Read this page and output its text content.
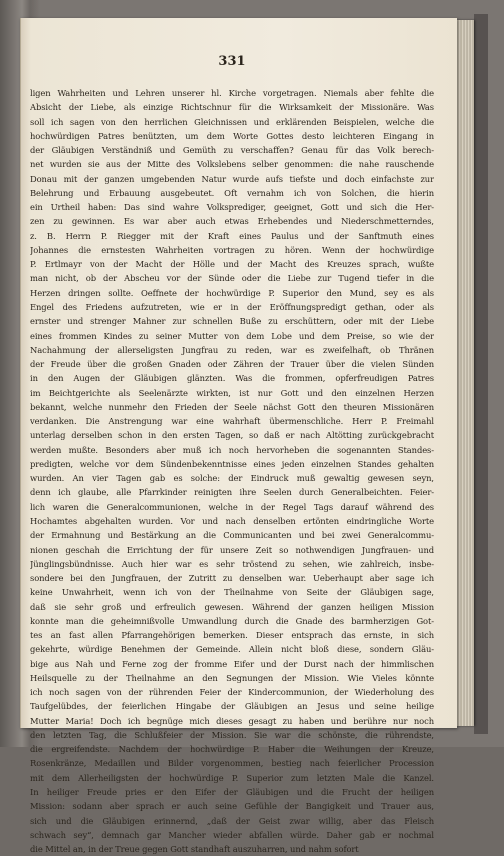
331
ligen Wahrheiten und Lehren unserer hl. Kirche vorgetragen. Niemals aber fehlte die
Absicht der Liebe, als einzige Richtschnur für die Wirksamkeit der Missionäre. Was
soll ich sagen von den herrlichen Gleichnissen und erklärenden Beispielen, welche die
hochwürdigen Patres benützten, um dem Worte Gottes desto leichteren Eingang in
der Gläubigen Verständniß und Gemüth zu verschaffen? Genau für das Volk berech-
net wurden sie aus der Mitte des Volkslebens selber genommen: die nahe rauschende
Donau mit der ganzen umgebenden Natur wurde aufs tiefste und doch einfachste zur
Belehrung und Erbauung ausgebeutet. Oft vernahm ich von Solchen, die hierin
ein Urtheil haben: Das sind wahre Volksprediger, geeignet, Gott und sich die Her-
zen zu gewinnen. Es war aber auch etwas Erhebendes und Niederschmetterndes,
z. B. Herrn P. Riegger mit der Kraft eines Paulus und der Sanftmuth eines
Johannes die ernstesten Wahrheiten vortragen zu hören. Wenn der hochwürdige
P. Ertlmayr von der Macht der Hölle und der Macht des Kreuzes sprach, wußte
man nicht, ob der Abscheu vor der Sünde oder die Liebe zur Tugend tiefer in die
Herzen dringen sollte. Oeffnete der hochwürdige P. Superior den Mund, sey es als
Engel des Friedens aufzutreten, wie er in der Eröffnungspredigt gethan, oder als
ernster und strenger Mahner zur schnellen Buße zu erschüttern, oder mit der Liebe
eines frommen Kindes zu seiner Mutter von dem Lobe und dem Preise, so wie der
Nachahmung der allerseligsten Jungfrau zu reden, war es zweifelhaft, ob Thränen
der Freude über die großen Gnaden oder Zähren der Trauer über die vielen Sünden
in den Augen der Gläubigen glänzten. Was die frommen, opferfreudigen Patres
im Beichtgerichte als Seelenärzte wirkten, ist nur Gott und den einzelnen Herzen
bekannt, welche nunmehr den Frieden der Seele nächst Gott den theuren Missionären
verdanken. Die Anstrengung war eine wahrhaft übermenschliche. Herr P. Freimahl
unterlag derselben schon in den ersten Tagen, so daß er nach Altötting zurückgebracht
werden mußte. Besonders aber muß ich noch hervorheben die sogenannten Standes-
predigten, welche vor dem Sündenbekenntnisse eines jeden einzelnen Standes gehalten
wurden. An vier Tagen gab es solche: der Eindruck muß gewaltig gewesen seyn,
denn ich glaube, alle Pfarrkinder reinigten ihre Seelen durch Generalbeichten. Feier-
lich waren die Generalcommunionen, welche in der Regel Tags darauf während des
Hochamtes abgehalten wurden. Vor und nach denselben ertönten eindringliche Worte
der Ermahnung und Bestärkung an die Communicanten und bei zwei Generalcommu-
nionen geschah die Errichtung der für unsere Zeit so nothwendigen Jungfrauen- und
Jünglingsbündnisse. Auch hier war es sehr tröstend zu sehen, wie zahlreich, insbe-
sondere bei den Jungfrauen, der Zutritt zu denselben war. Ueberhaupt aber sage ich
keine Unwahrheit, wenn ich von der Theilnahme von Seite der Gläubigen sage,
daß sie sehr groß und erfreulich gewesen. Während der ganzen heiligen Mission
konnte man die geheimnißvolle Umwandlung durch die Gnade des barmherzigen Got-
tes an fast allen Pfarrangehörigen bemerken. Dieser entsprach das ernste, in sich
gekehrte, würdige Benehmen der Gemeinde. Allein nicht bloß diese, sondern Gläu-
bige aus Nah und Ferne zog der fromme Eifer und der Durst nach der himmlischen
Heilsquelle zu der Theilnahme an den Segnungen der Mission. Wie Vieles könnte
ich noch sagen von der rührenden Feier der Kindercommunion, der Wiederholung des
Taufgelübdes, der feierlichen Hingabe der Gläubigen an Jesus und seine heilige
Mutter Maria! Doch ich begnüge mich dieses gesagt zu haben und berühre nur noch
den letzten Tag, die Schlußfeier der Mission. Sie war die schönste, die rührendste,
die ergreifendste. Nachdem der hochwürdige P. Haber die Weihungen der Kreuze,
Rosenkränze, Medaillen und Bilder vorgenommen, bestieg nach feierlicher Procession
mit dem Allerheiligsten der hochwürdige P. Superior zum letzten Male die Kanzel.
In heiliger Freude pries er den Eifer der Gläubigen und die Frucht der heiligen
Mission: sodann aber sprach er auch seine Gefühle der Bangigkeit und Trauer aus,
sich und die Gläubigen erinnernd, „daß der Geist zwar willig, aber das Fleisch
schwach sey“, demnach gar Mancher wieder abfallen würde. Daher gab er nochmal
die Mittel an, in der Treue gegen Gott standhaft auszuharren, und nahm sofort
